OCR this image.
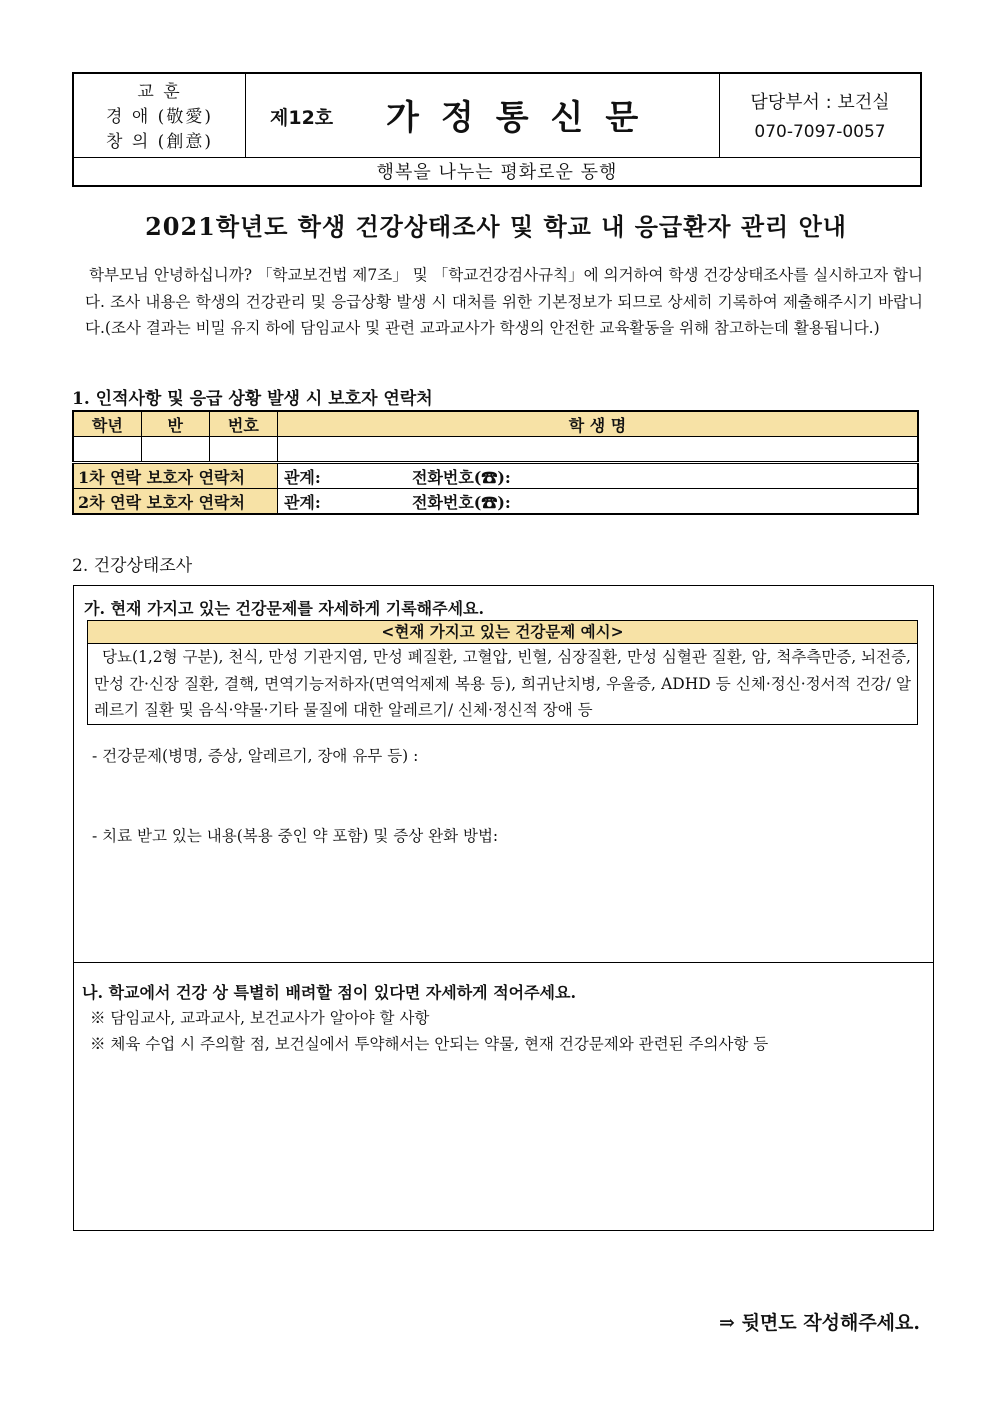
교 훈
경 애 (敬愛)
창 의 (創意)
제12호 가정통신문	담당부서 : 보건실
070-7097-0057
행복을 나누는 평화로운 동행
2021학년도 학생 건강상태조사 및 학교 내 응급환자 관리 안내

학부모님 안녕하십니까? 「학교보건법 제7조」 및 「학교건강검사규칙」에 의거하여 학생 건강상태조사를 실시하고자 합니다. 조사 내용은 학생의 건강관리 및 응급상황 발생 시 대처를 위한 기본정보가 되므로 상세히 기록하여 제출해주시기 바랍니다.(조사 결과는 비밀 유지 하에 담임교사 및 관련 교과교사가 학생의 안전한 교육활동을 위해 참고하는데 활용됩니다.)

1. 인적사항 및 응급 상황 발생 시 보호자 연락처
학년	반	번호	학 생 명

1차 연락 보호자 연락처			관계: 전화번호(☎):
2차 연락 보호자 연락처			관계: 전화번호(☎):
2. 건강상태조사
가. 현재 가지고 있는 건강문제를 자세하게 기록해주세요.
<현재 가지고 있는 건강문제 예시>
당뇨(1,2형 구분), 천식, 만성 기관지염, 만성 폐질환, 고혈압, 빈혈, 심장질환, 만성 심혈관 질환, 암, 척추측만증, 뇌전증, 만성 간·신장 질환, 결핵, 면역기능저하자(면역억제제 복용 등), 희귀난치병, 우울증, ADHD 등 신체·정신·정서적 건강/ 알레르기 질환 및 음식·약물·기타 물질에 대한 알레르기/ 신체·정신적 장애 등
- 건강문제(병명, 증상, 알레르기, 장애 유무 등) :
- 치료 받고 있는 내용(복용 중인 약 포함) 및 증상 완화 방법:
나. 학교에서 건강 상 특별히 배려할 점이 있다면 자세하게 적어주세요.
※ 담임교사, 교과교사, 보건교사가 알아야 할 사항
※ 체육 수업 시 주의할 점, 보건실에서 투약해서는 안되는 약물, 현재 건강문제와 관련된 주의사항 등
⇒ 뒷면도 작성해주세요.
